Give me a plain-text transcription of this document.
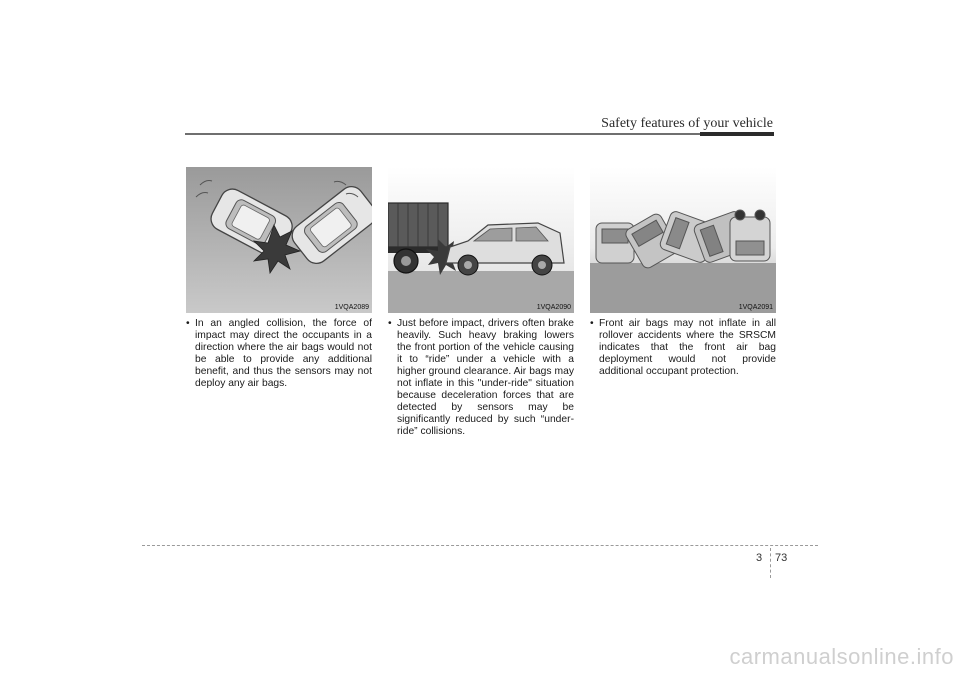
Safety features of your vehicle
1VQA2089
• In an angled collision, the force of impact may direct the occupants in a direction where the air bags would not be able to provide any additional benefit, and thus the sensors may not deploy any air bags.
1VQA2090
• Just before impact, drivers often brake heavily. Such heavy braking lowers the front portion of the vehicle causing it to “ride” under a vehicle with a higher ground clearance. Air bags may not inflate in this "under-ride" situation because deceleration forces that are detected by sensors may be significantly reduced by such “under-ride” collisions.
1VQA2091
• Front air bags may not inflate in all rollover accidents where the SRSCM indicates that the front air bag deployment would not provide additional occupant protection.
3 73
carmanualsonline.info
